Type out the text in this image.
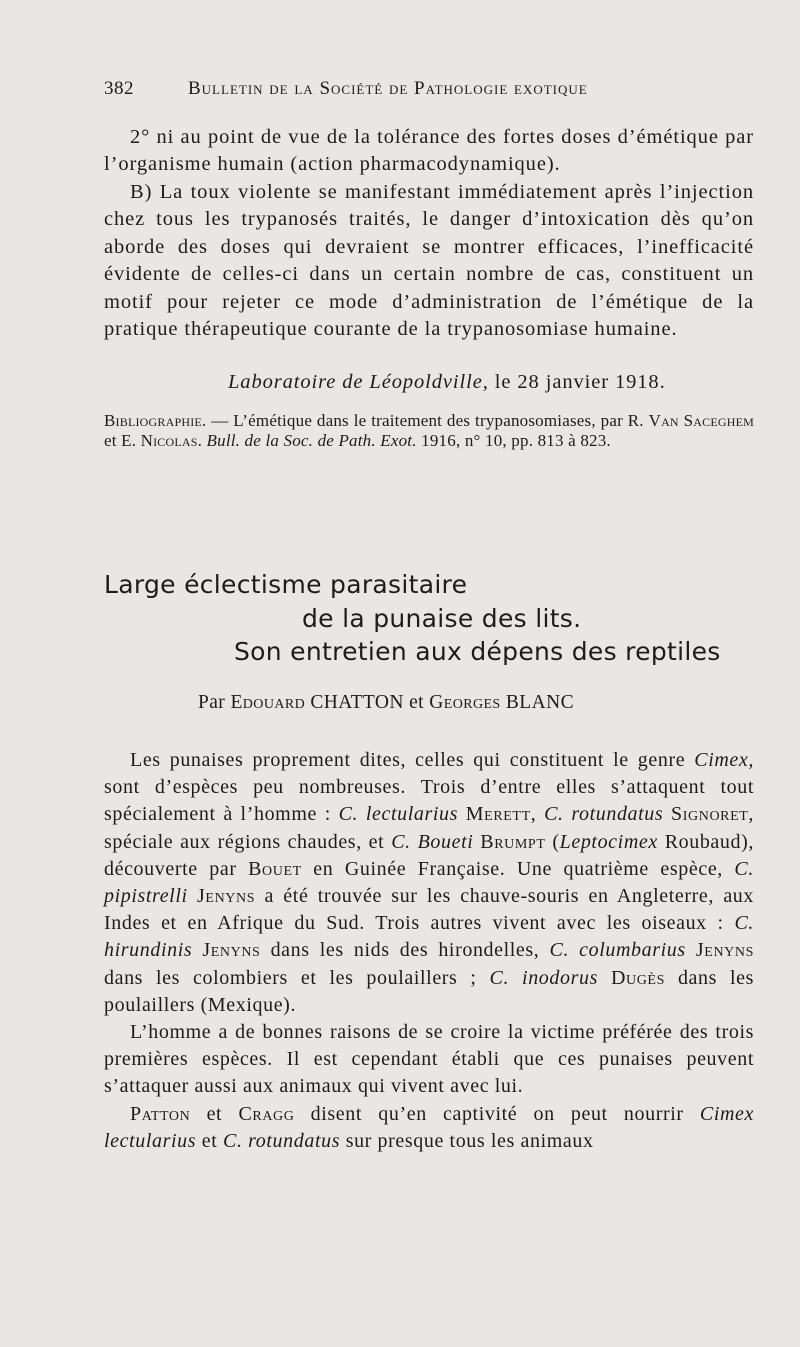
382	Bulletin de la Société de Pathologie exotique

2° ni au point de vue de la tolérance des fortes doses d’émétique par l’organisme humain (action pharmacodynamique).

B) La toux violente se manifestant immédiatement après l’injection chez tous les trypanosés traités, le danger d’intoxication dès qu’on aborde des doses qui devraient se montrer efficaces, l’inefficacité évidente de celles-ci dans un certain nombre de cas, constituent un motif pour rejeter ce mode d’administration de l’émétique de la pratique thérapeutique courante de la trypanosomiase humaine.

Laboratoire de Léopoldville, le 28 janvier 1918.
Bibliographie. — L’émétique dans le traitement des trypanosomiases, par R. Van Saceghem et E. Nicolas. Bull. de la Soc. de Path. Exot. 1916, n° 10, pp. 813 à 823.
Large éclectisme parasitaire
de la punaise des lits.
Son entretien aux dépens des reptiles
Par Edouard CHATTON et Georges BLANC

Les punaises proprement dites, celles qui constituent le genre Cimex, sont d’espèces peu nombreuses. Trois d’entre elles s’attaquent tout spécialement à l’homme : C. lectularius Merett, C. rotundatus Signoret, spéciale aux régions chaudes, et C. Boueti Brumpt (Leptocimex Roubaud), découverte par Bouet en Guinée Française. Une quatrième espèce, C. pipistrelli Jenyns a été trouvée sur les chauve-souris en Angleterre, aux Indes et en Afrique du Sud. Trois autres vivent avec les oiseaux : C. hirundinis Jenyns dans les nids des hirondelles, C. columbarius Jenyns dans les colombiers et les poulaillers ; C. inodorus Dugès dans les poulaillers (Mexique).

L’homme a de bonnes raisons de se croire la victime préférée des trois premières espèces. Il est cependant établi que ces punaises peuvent s’attaquer aussi aux animaux qui vivent avec lui.

Patton et Cragg disent qu’en captivité on peut nourrir Cimex lectularius et C. rotundatus sur presque tous les animaux
